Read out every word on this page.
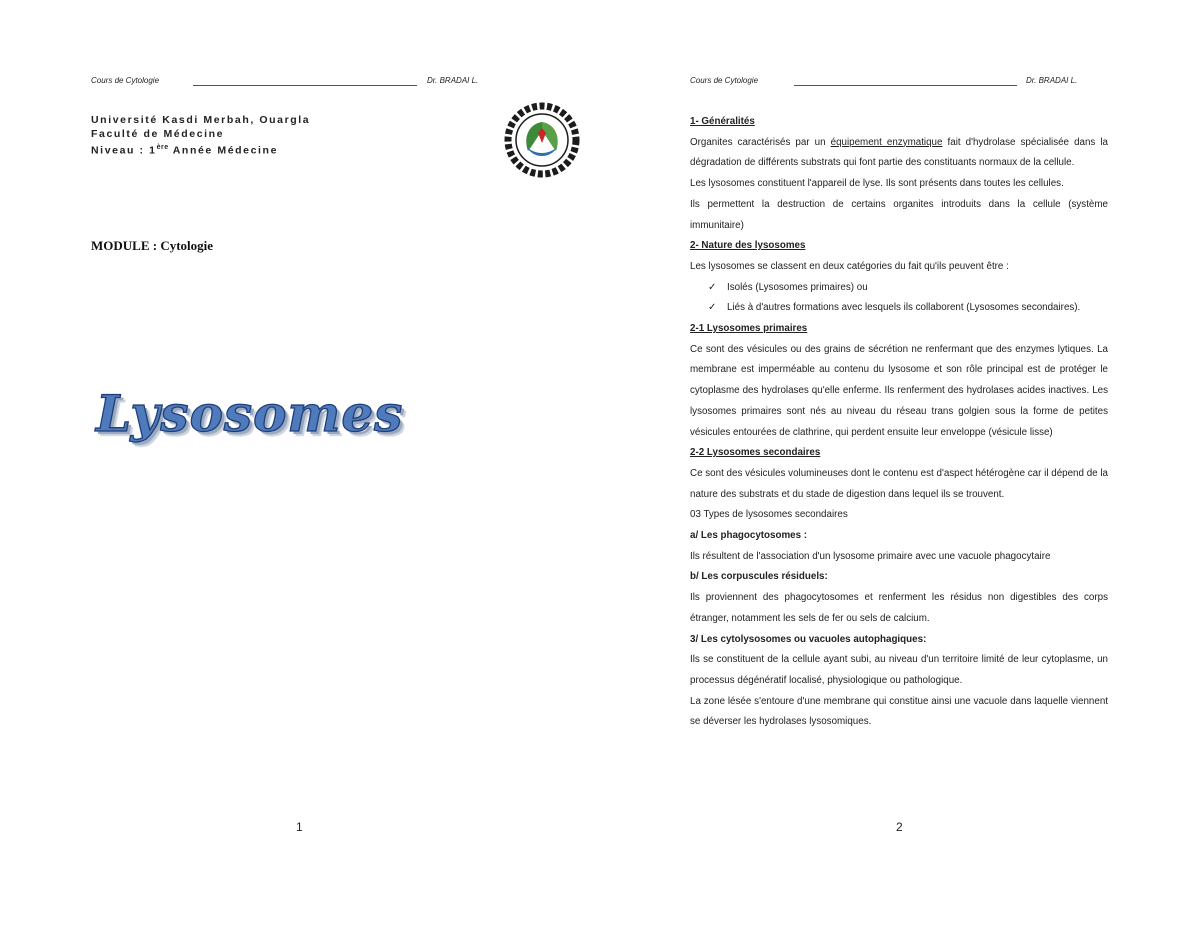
Cours de Cytologie	Dr. BRADAI L.
Université Kasdi Merbah, Ouargla
Faculté de Médecine
Niveau : 1ère Année Médecine
MODULE : Cytologie
Lysosomes
1
Cours de Cytologie	Dr. BRADAI L.
2
1- Généralités
Organites caractérisés par un équipement enzymatique fait d'hydrolase spécialisée dans la dégradation de différents substrats qui font partie des constituants normaux de la cellule.
Les lysosomes constituent l'appareil de lyse. Ils sont présents dans toutes les cellules.
Ils permettent la destruction de certains organites introduits dans la cellule (système immunitaire)
2- Nature des lysosomes
Les lysosomes se classent en deux catégories du fait qu'ils peuvent être :
✓	Isolés (Lysosomes primaires) ou
✓	Liés à d'autres formations avec lesquels ils collaborent (Lysosomes secondaires).
2-1 Lysosomes primaires
Ce sont des vésicules ou des grains de sécrétion ne renfermant que des enzymes lytiques. La membrane est imperméable au contenu du lysosome et son rôle principal est de protéger le cytoplasme des hydrolases qu'elle enferme. Ils renferment des hydrolases acides inactives. Les lysosomes primaires sont nés au niveau du réseau trans golgien sous la forme de petites vésicules entourées de clathrine, qui perdent ensuite leur enveloppe (vésicule lisse)
2-2 Lysosomes secondaires
Ce sont des vésicules volumineuses dont le contenu est d'aspect hétérogène car il dépend de la nature des substrats et du stade de digestion dans lequel ils se trouvent.
03 Types de lysosomes secondaires
a/ Les phagocytosomes :
Ils résultent de l'association d'un lysosome primaire avec une vacuole phagocytaire
b/ Les corpuscules résiduels:
Ils proviennent des phagocytosomes et renferment les résidus non digestibles des corps étranger, notamment les sels de fer ou sels de calcium.
3/ Les cytolysosomes ou vacuoles autophagiques:
Ils se constituent de la cellule ayant subi, au niveau d'un territoire limité de leur cytoplasme, un processus dégénératif localisé, physiologique ou pathologique.
La zone lésée s'entoure d'une membrane qui constitue ainsi une vacuole dans laquelle viennent se déverser les hydrolases lysosomiques.
